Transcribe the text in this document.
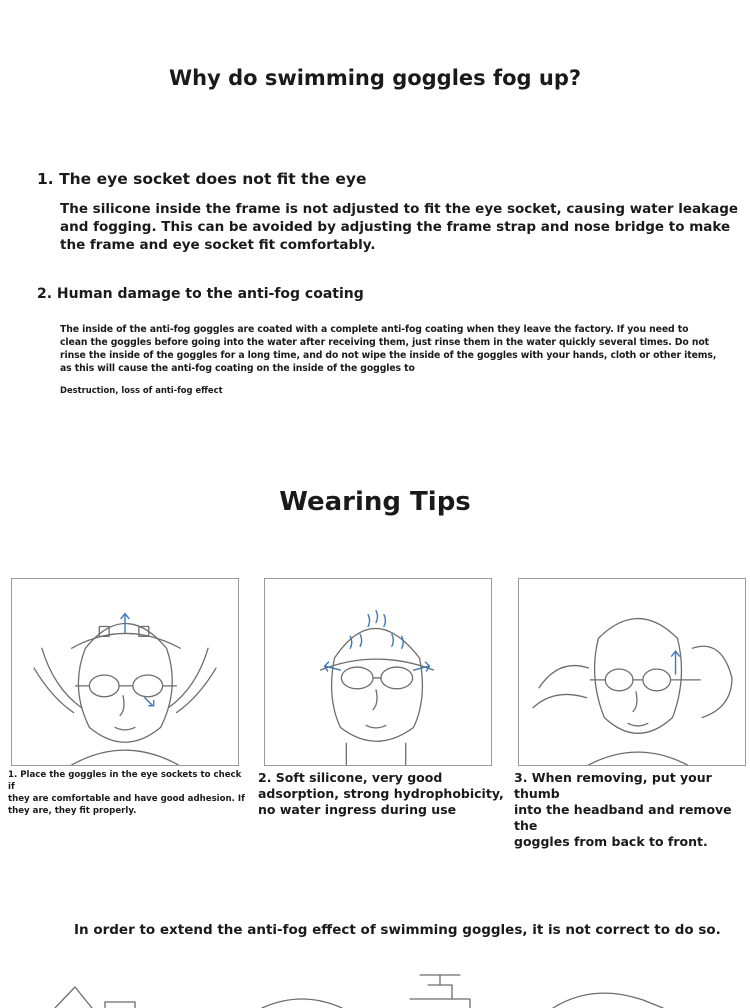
Why do swimming goggles fog up?
1. The eye socket does not fit the eye
The silicone inside the frame is not adjusted to fit the eye socket, causing water leakage
and fogging. This can be avoided by adjusting the frame strap and nose bridge to make
the frame and eye socket fit comfortably.
2. Human damage to the anti-fog coating
The inside of the anti-fog goggles are coated with a complete anti-fog coating when they leave the factory. If you need to
clean the goggles before going into the water after receiving them, just rinse them in the water quickly several times. Do not
rinse the inside of the goggles for a long time, and do not wipe the inside of the goggles with your hands, cloth or other items,
as this will cause the anti-fog coating on the inside of the goggles to
Destruction, loss of anti-fog effect
Wearing Tips
1. Place the goggles in the eye sockets to check if
they are comfortable and have good adhesion. If
they are, they fit properly.
2. Soft silicone, very good
adsorption, strong hydrophobicity,
no water ingress during use
3. When removing, put your thumb
into the headband and remove the
goggles from back to front.
In order to extend the anti-fog effect of swimming goggles, it is not correct to do so.
